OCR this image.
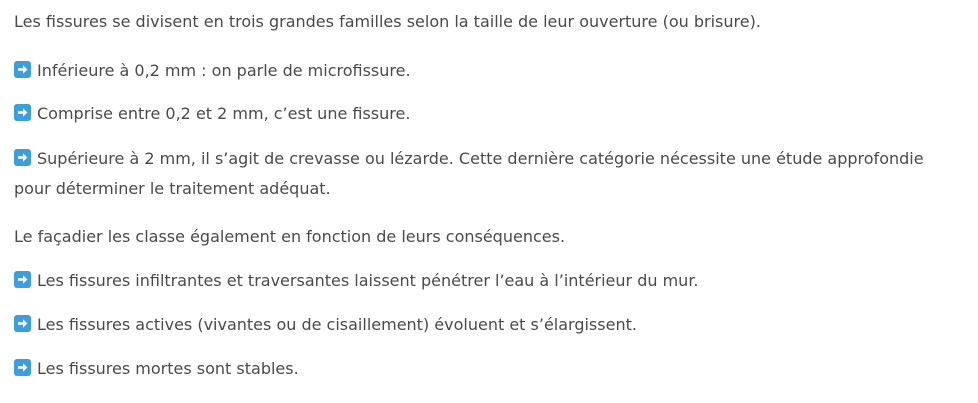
Les fissures se divisent en trois grandes familles selon la taille de leur ouverture (ou brisure).

Inférieure à 0,2 mm : on parle de microfissure.

Comprise entre 0,2 et 2 mm, c’est une fissure.

Supérieure à 2 mm, il s’agit de crevasse ou lézarde. Cette dernière catégorie nécessite une étude approfondie pour déterminer le traitement adéquat.

Le façadier les classe également en fonction de leurs conséquences.

Les fissures infiltrantes et traversantes laissent pénétrer l’eau à l’intérieur du mur.

Les fissures actives (vivantes ou de cisaillement) évoluent et s’élargissent.

Les fissures mortes sont stables.
